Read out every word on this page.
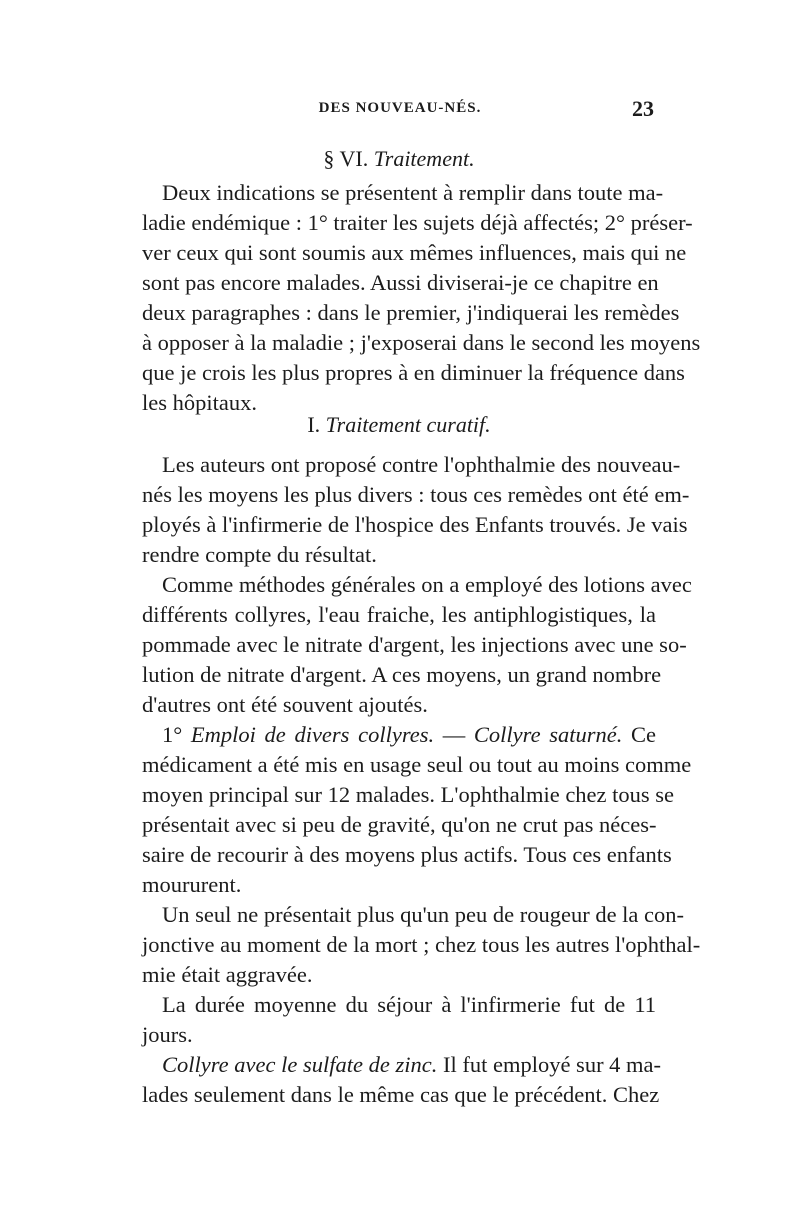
DES NOUVEAU-NÉS.	23
§ VI. Traitement.
Deux indications se présentent à remplir dans toute ma-
ladie endémique : 1° traiter les sujets déjà affectés; 2° préser-
ver ceux qui sont soumis aux mêmes influences, mais qui ne
sont pas encore malades. Aussi diviserai-je ce chapitre en
deux paragraphes : dans le premier, j'indiquerai les remèdes
à opposer à la maladie ; j'exposerai dans le second les moyens
que je crois les plus propres à en diminuer la fréquence dans
les hôpitaux.
I. Traitement curatif.
Les auteurs ont proposé contre l'ophthalmie des nouveau-
nés les moyens les plus divers : tous ces remèdes ont été em-
ployés à l'infirmerie de l'hospice des Enfants trouvés. Je vais
rendre compte du résultat.
Comme méthodes générales on a employé des lotions avec
différents collyres, l'eau fraiche, les antiphlogistiques, la
pommade avec le nitrate d'argent, les injections avec une so-
lution de nitrate d'argent. A ces moyens, un grand nombre
d'autres ont été souvent ajoutés.
1° Emploi de divers collyres. — Collyre saturné. Ce
médicament a été mis en usage seul ou tout au moins comme
moyen principal sur 12 malades. L'ophthalmie chez tous se
présentait avec si peu de gravité, qu'on ne crut pas néces-
saire de recourir à des moyens plus actifs. Tous ces enfants
moururent.
Un seul ne présentait plus qu'un peu de rougeur de la con-
jonctive au moment de la mort ; chez tous les autres l'ophthal-
mie était aggravée.
La durée moyenne du séjour à l'infirmerie fut de 11
jours.
Collyre avec le sulfate de zinc. Il fut employé sur 4 ma-
lades seulement dans le même cas que le précédent. Chez
